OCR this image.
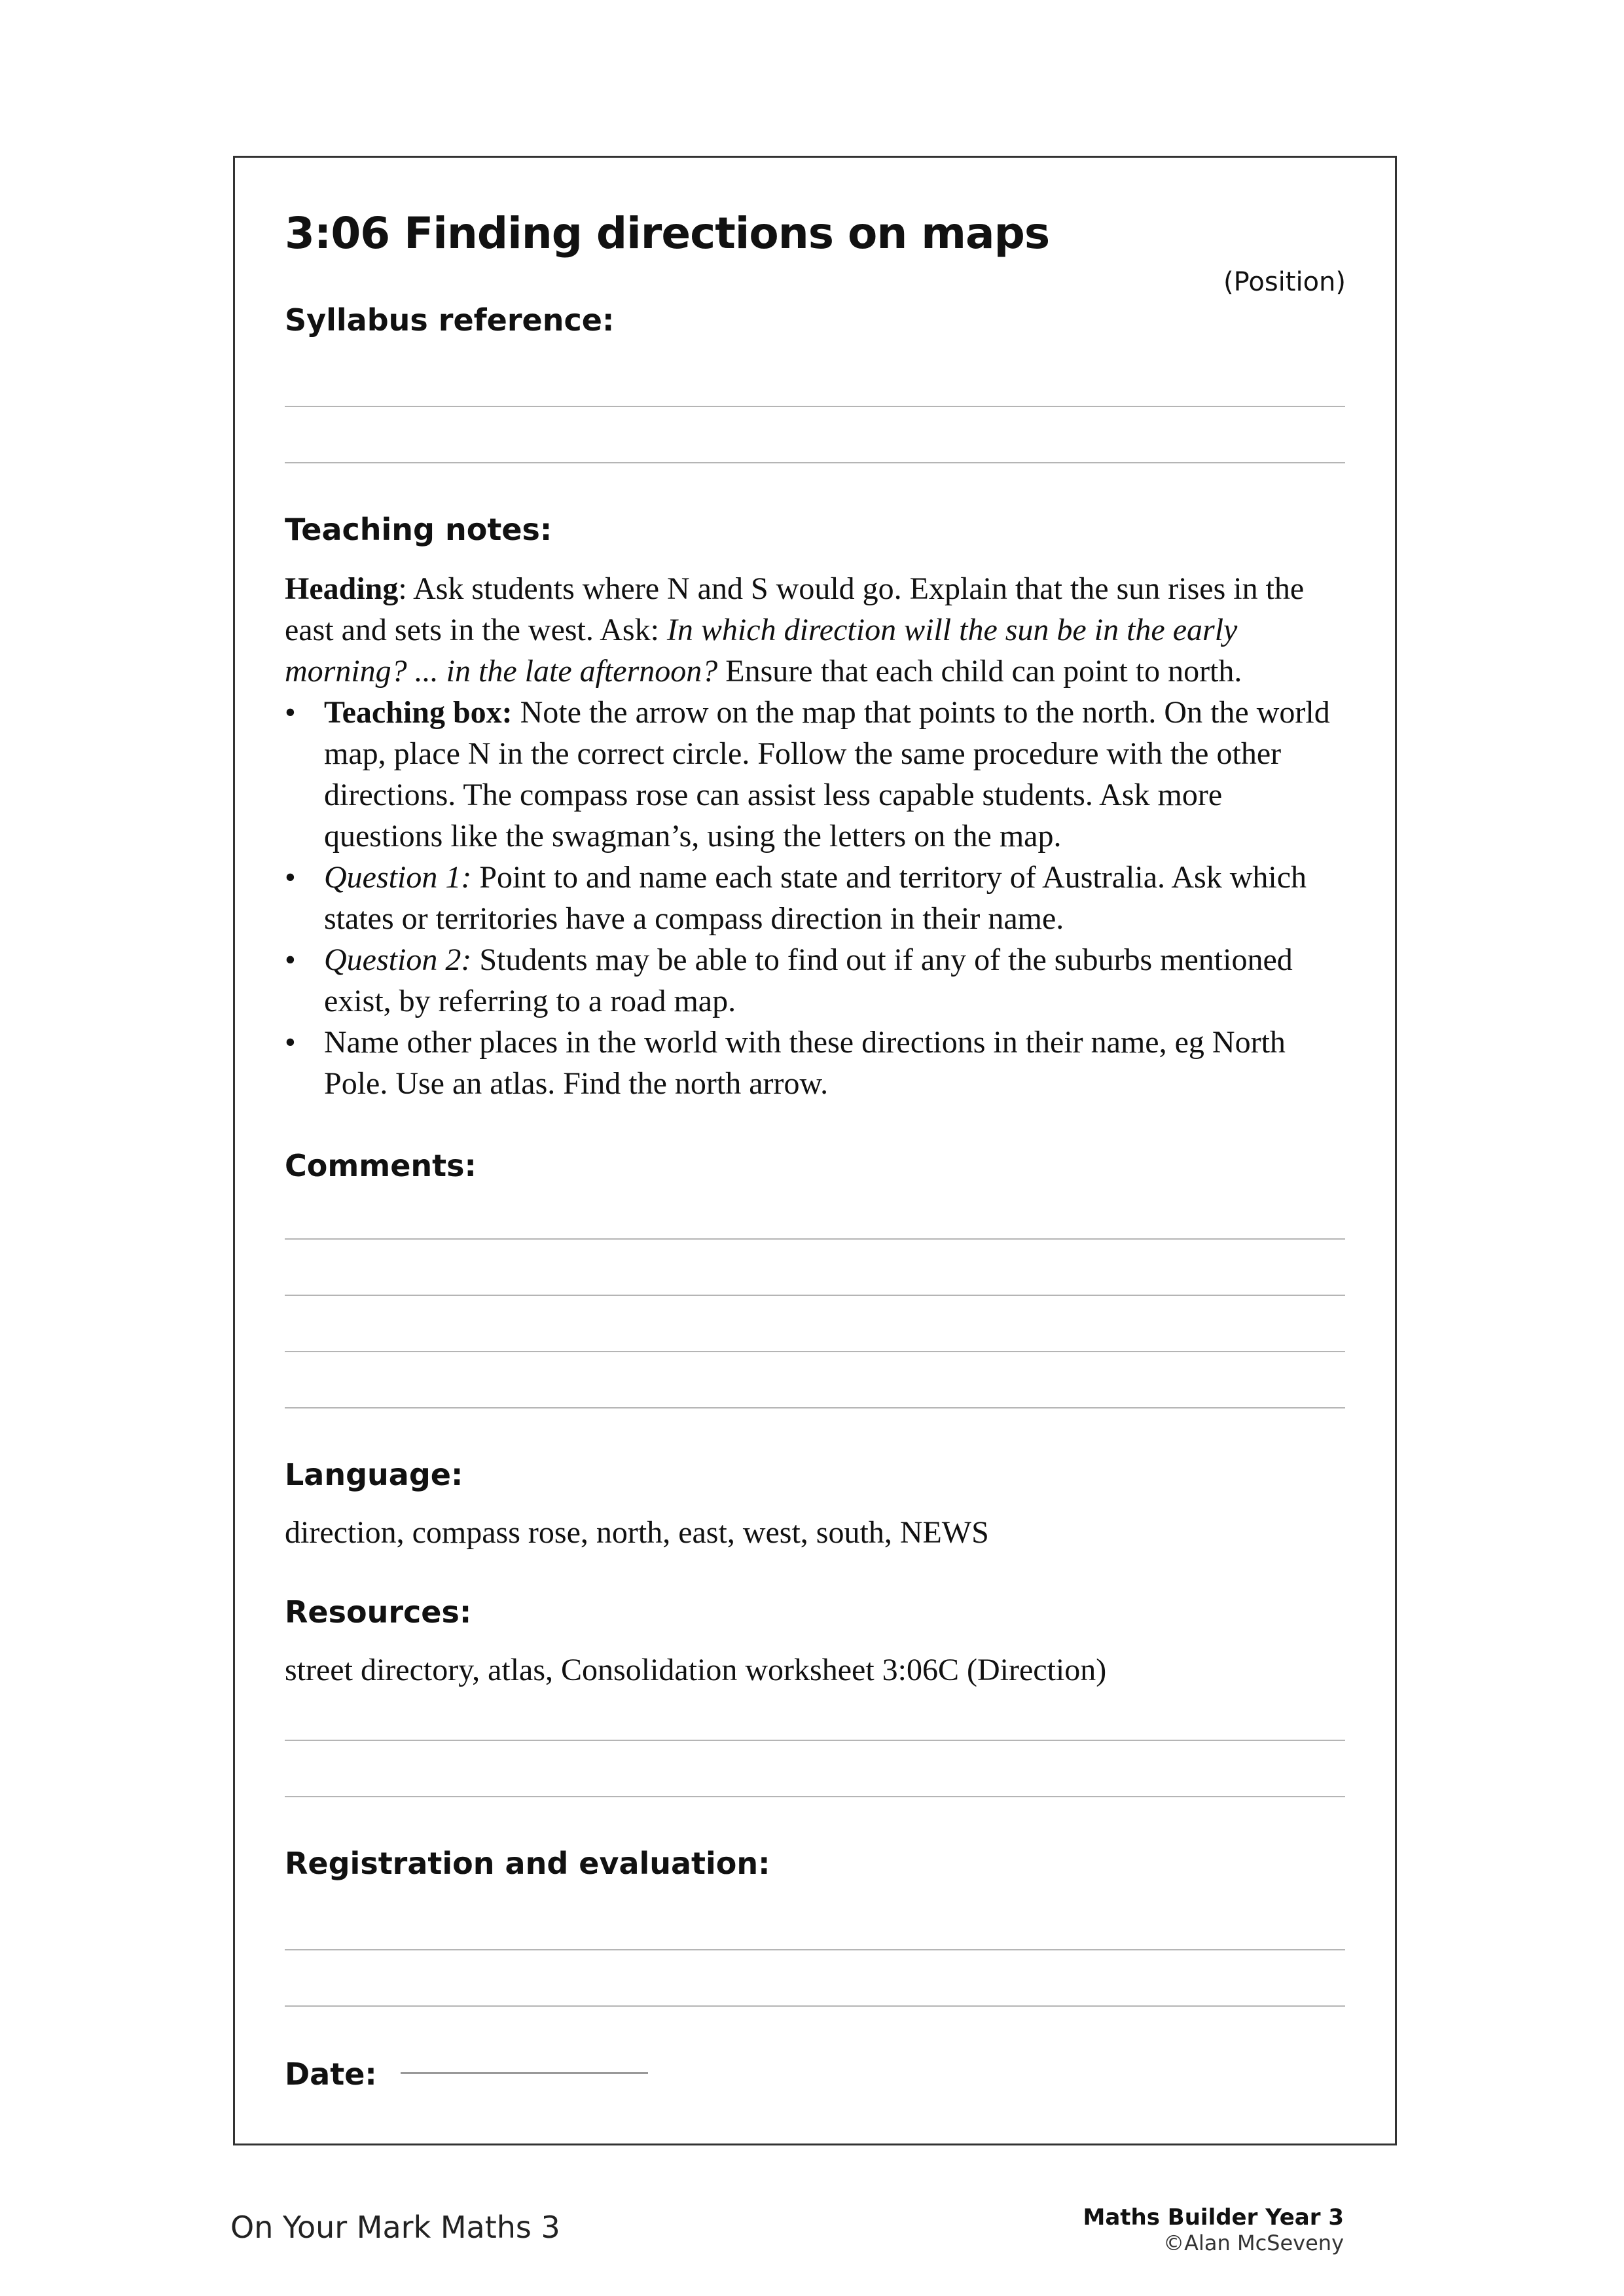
3:06 Finding directions on maps
(Position)
Syllabus reference:
Teaching notes:

Heading: Ask students where N and S would go. Explain that the sun rises in the east and sets in the west. Ask: In which direction will the sun be in the early morning? ... in the late afternoon? Ensure that each child can point to north.

• Teaching box: Note the arrow on the map that points to the north. On the world map, place N in the correct circle. Follow the same procedure with the other directions. The compass rose can assist less capable students. Ask more questions like the swagman’s, using the letters on the map.
• Question 1: Point to and name each state and territory of Australia. Ask which states or territories have a compass direction in their name.
• Question 2: Students may be able to find out if any of the suburbs mentioned exist, by referring to a road map.
• Name other places in the world with these directions in their name, eg North Pole. Use an atlas. Find the north arrow.
Comments:
Language:
direction, compass rose, north, east, west, south, NEWS
Resources:
street directory, atlas, Consolidation worksheet 3:06C (Direction)
Registration and evaluation:
Date:
On Your Mark Maths 3	Maths Builder Year 3
©Alan McSeveny
